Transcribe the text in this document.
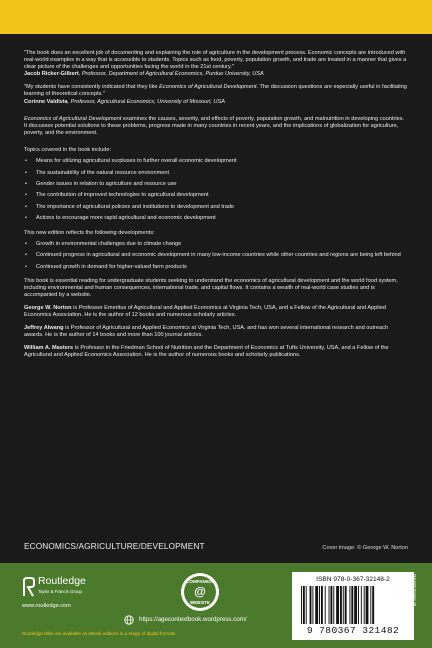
"The book does an excellent job of documenting and explaining the role of agriculture in the development process. Economic concepts are introduced with real-world examples in a way that is accessible to students. Topics such as food, poverty, population growth, and trade are treated in a manner that gives a clear picture of the challenges and opportunities facing the world in the 21st century."
Jacob Ricker-Gilbert, Professor, Department of Agricultural Economics, Purdue University, USA
"My students have consistently indicated that they like Economics of Agricultural Development. The discussion questions are especially useful in facilitating learning of theoretical concepts."
Corinne Valdivia, Professor, Agricultural Economics, University of Missouri, USA
Economics of Agricultural Development examines the causes, severity, and effects of poverty, population growth, and malnutrition in developing countries. It discusses potential solutions to these problems, progress made in many countries in recent years, and the implications of globalization for agriculture, poverty, and the environment.
Topics covered in the book include:
• Means for utilizing agricultural surpluses to further overall economic development
• The sustainability of the natural resource environment
• Gender issues in relation to agriculture and resource use
• The contribution of improved technologies to agricultural development
• The importance of agricultural policies and institutions to development and trade
• Actions to encourage more rapid agricultural and economic development
This new edition reflects the following developments:
• Growth in environmental challenges due to climate change
• Continued progress in agricultural and economic development in many low-income countries while other countries and regions are being left behind
• Continued growth in demand for higher-valued farm products
This book is essential reading for undergraduate students seeking to understand the economics of agricultural development and the world food system, including environmental and human consequences, international trade, and capital flows. It contains a wealth of real-world case studies and is accompanied by a website.
George W. Norton is Professor Emeritus of Agricultural and Applied Economics at Virginia Tech, USA, and a Fellow of the Agricultural and Applied Economics Association. He is the author of 12 books and numerous scholarly articles.
Jeffrey Alwang is Professor of Agricultural and Applied Economics at Virginia Tech, USA, and has won several international research and outreach awards. He is the author of 14 books and more than 100 journal articles.
William A. Masters is Professor in the Friedman School of Nutrition and the Department of Economics at Tufts University, USA, and a Fellow of the Agricultural and Applied Economics Association. He is the author of numerous books and scholarly publications.
ECONOMICS/AGRICULTURE/DEVELOPMENT	Cover image: © George W. Norton
Routledge
Taylor & Francis Group
www.routledge.com
COMPANION
@
WEBSITE
https://agecontextbook.wordpress.com/
Routledge titles are available as eBook editions in a range of digital formats
ISBN 978-0-367-32148-2
9 780367 321482
an informa business
